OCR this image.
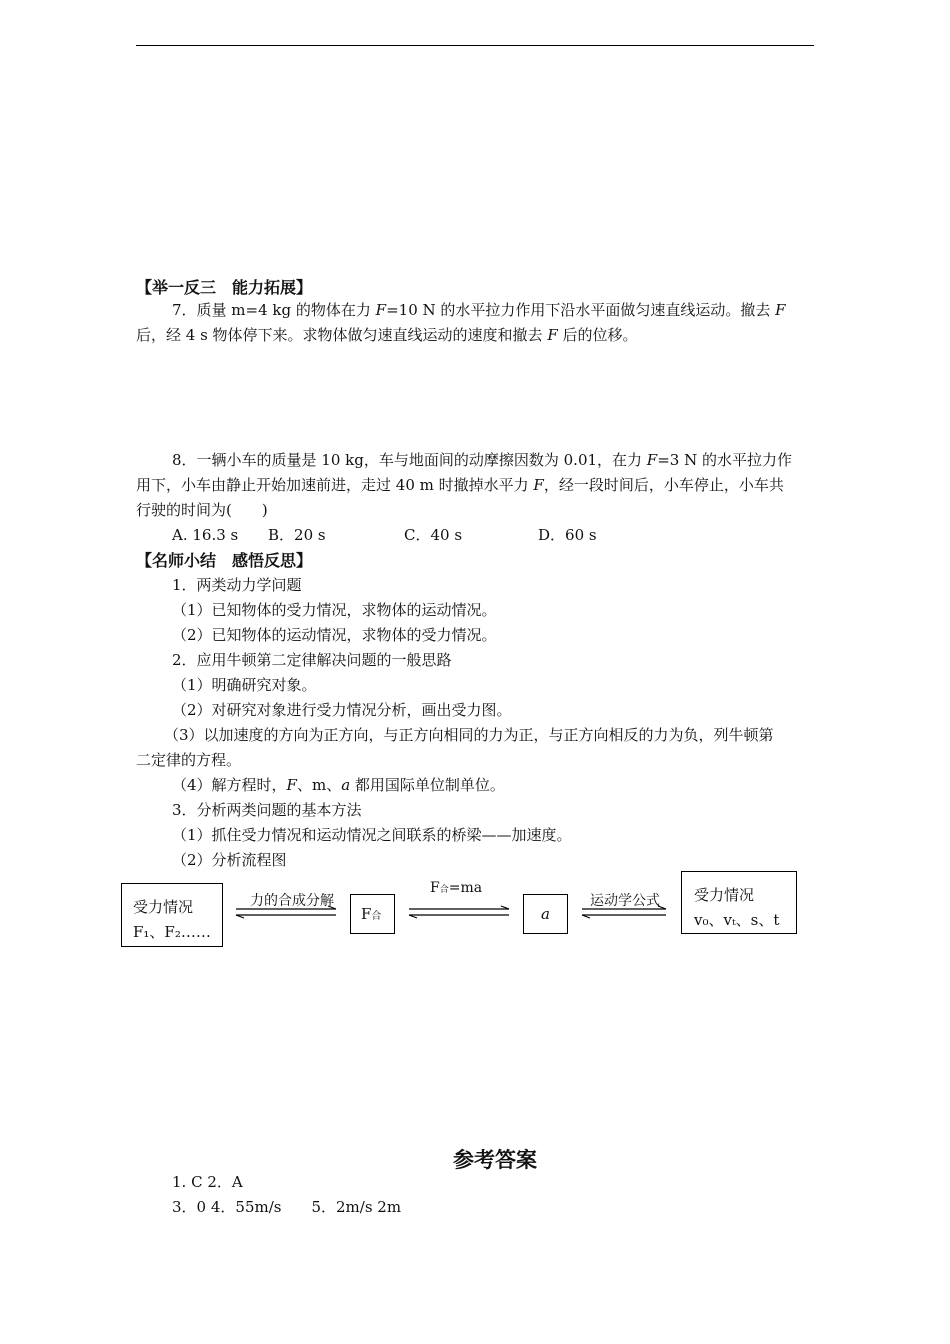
【举一反三　能力拓展】
7．质量 m=4 kg 的物体在力 F=10 N 的水平拉力作用下沿水平面做匀速直线运动。撤去 F
后，经 4 s 物体停下来。求物体做匀速直线运动的速度和撤去 F 后的位移。
8．一辆小车的质量是 10 kg，车与地面间的动摩擦因数为 0.01，在力 F=3 N 的水平拉力作
用下，小车由静止开始加速前进，走过 40 m 时撤掉水平力 F，经一段时间后，小车停止，小车共
行驶的时间为(　　)
A. 16.3 s B．20 s	C．40 s	D．60 s
【名师小结　感悟反思】
1．两类动力学问题
（1）已知物体的受力情况，求物体的运动情况。
（2）已知物体的运动情况，求物体的受力情况。
2．应用牛顿第二定律解决问题的一般思路
（1）明确研究对象。
（2）对研究对象进行受力情况分析，画出受力图。
（3）以加速度的方向为正方向，与正方向相同的力为正，与正方向相反的力为负，列牛顿第
二定律的方程。
（4）解方程时，F、m、a 都用国际单位制单位。
3．分析两类问题的基本方法
（1）抓住受力情况和运动情况之间联系的桥梁——加速度。
（2）分析流程图
受力情况
F₁、F₂……
力的合成分解
F合
F合=ma
a
运动学公式 受力情况
v₀、vₜ、s、t
参考答案
1. C 2．A
3．0 4．55m/s　　5．2m/s 2m
